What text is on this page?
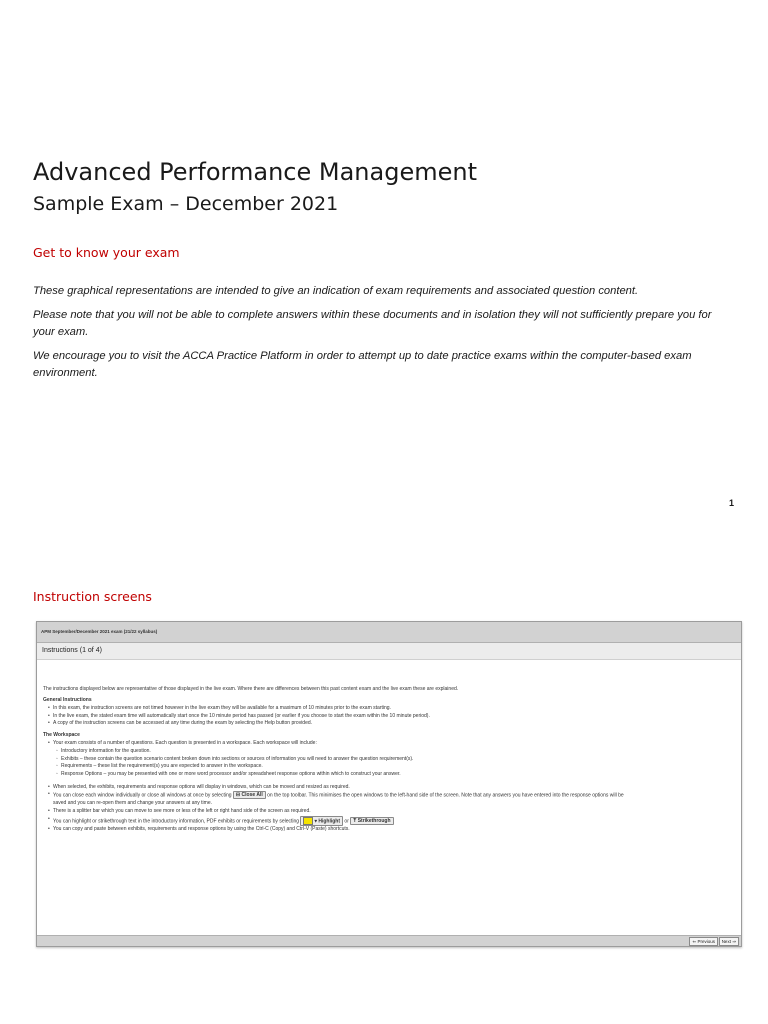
Advanced Performance Management
Sample Exam – December 2021
Get to know your exam

These graphical representations are intended to give an indication of exam requirements and associated question content.

Please note that you will not be able to complete answers within these documents and in isolation they will not sufficiently prepare you for your exam.

We encourage you to visit the ACCA Practice Platform in order to attempt up to date practice exams within the computer-based exam environment.

1
Instruction screens
APM September/December 2021 exam (21/22 syllabus)
Instructions (1 of 4)

The instructions displayed below are representative of those displayed in the live exam. Where there are differences between this past content exam and the live exam these are explained.

General Instructions

• In this exam, the instruction screens are not timed however in the live exam they will be available for a maximum of 10 minutes prior to the exam starting.
• In the live exam, the stated exam time will automatically start once the 10 minute period has passed (or earlier if you choose to start the exam within the 10 minute period).
• A copy of the instruction screens can be accessed at any time during the exam by selecting the Help button provided.

The Workspace

• Your exam consists of a number of questions. Each question is presented in a workspace. Each workspace will include:
◦ Introductory information for the question.
◦ Exhibits – these contain the question scenario content broken down into sections or sources of information you will need to answer the question requirement(s).
◦ Requirements – these list the requirement(s) you are expected to answer in the workspace.
◦ Response Options – you may be presented with one or more word processor and/or spreadsheet response options within which to construct your answer.
• When selected, the exhibits, requirements and response options will display in windows, which can be moved and resized as required.
• You can close each window individually or close all windows at once by selecting ⊟ Close All on the top toolbar. This minimises the open windows to the left-hand side of the screen. Note that any answers you have entered into the response options will be
saved and you can re-open them and change your answers at any time.
• There is a splitter bar which you can move to see more or less of the left or right hand side of the screen as required.
• You can highlight or strikethrough text in the introductory information, PDF exhibits or requirements by selecting	▾ Highlight or Ŧ Strikethrough
• You can copy and paste between exhibits, requirements and response options by using the Ctrl-C (Copy) and Ctrl-V (Paste) shortcuts.
⇐ Previous	Next ⇒
